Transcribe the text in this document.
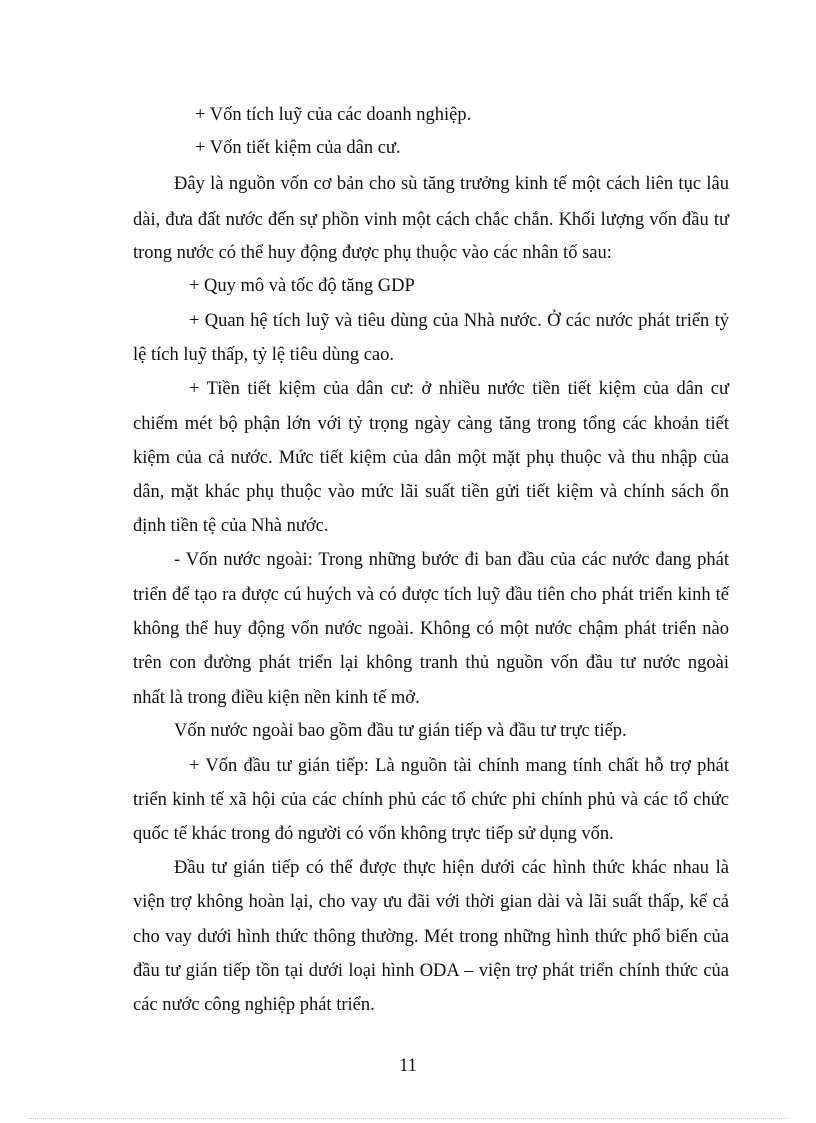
+ Vốn tích luỹ của các doanh nghiệp.

+ Vốn tiết kiệm của dân cư.

Đây là nguồn vốn cơ bản cho sù tăng trưởng kinh tế một cách liên tục lâu

dài, đưa đất nước đến sự phồn vinh một cách chắc chắn. Khối lượng vốn đầu tư

trong nước có thể huy động được phụ thuộc vào các nhân tố sau:

+ Quy mô và tốc độ tăng GDP

+ Quan hệ tích luỹ và tiêu dùng của Nhà nước. Ở các nước phát triển tỷ

lệ tích luỹ thấp, tỷ lệ tiêu dùng cao.

+ Tiền tiết kiệm của dân cư: ở nhiều nước tiền tiết kiệm của dân cư

chiếm mét bộ phận lớn với tỷ trọng ngày càng tăng trong tổng các khoản tiết

kiệm của cả nước. Mức tiết kiệm của dân một mặt phụ thuộc và thu nhập của

dân, mặt khác phụ thuộc vào mức lãi suất tiền gửi tiết kiệm và chính sách ổn

định tiền tệ của Nhà nước.

- Vốn nước ngoài: Trong những bước đi ban đầu của các nước đang phát

triển để tạo ra được cú huých và có được tích luỹ đầu tiên cho phát triển kinh tế

không thể huy động vốn nước ngoài. Không có một nước chậm phát triển nào

trên con đường phát triển lại không tranh thủ nguồn vốn đầu tư nước ngoài

nhất là trong điều kiện nền kinh tế mở.

Vốn nước ngoài bao gồm đầu tư gián tiếp và đầu tư trực tiếp.

+ Vốn đầu tư gián tiếp: Là nguồn tài chính mang tính chất hỗ trợ phát

triển kinh tế xã hội của các chính phủ các tổ chức phi chính phủ và các tổ chức

quốc tế khác trong đó người có vốn không trực tiếp sử dụng vốn.

Đầu tư gián tiếp có thể được thực hiện dưới các hình thức khác nhau là

viện trợ không hoàn lại, cho vay ưu đãi với thời gian dài và lãi suất thấp, kể cả

cho vay dưới hình thức thông thường. Mét trong những hình thức phổ biến của

đầu tư gián tiếp tồn tại dưới loại hình ODA – viện trợ phát triển chính thức của

các nước công nghiệp phát triển.

11
